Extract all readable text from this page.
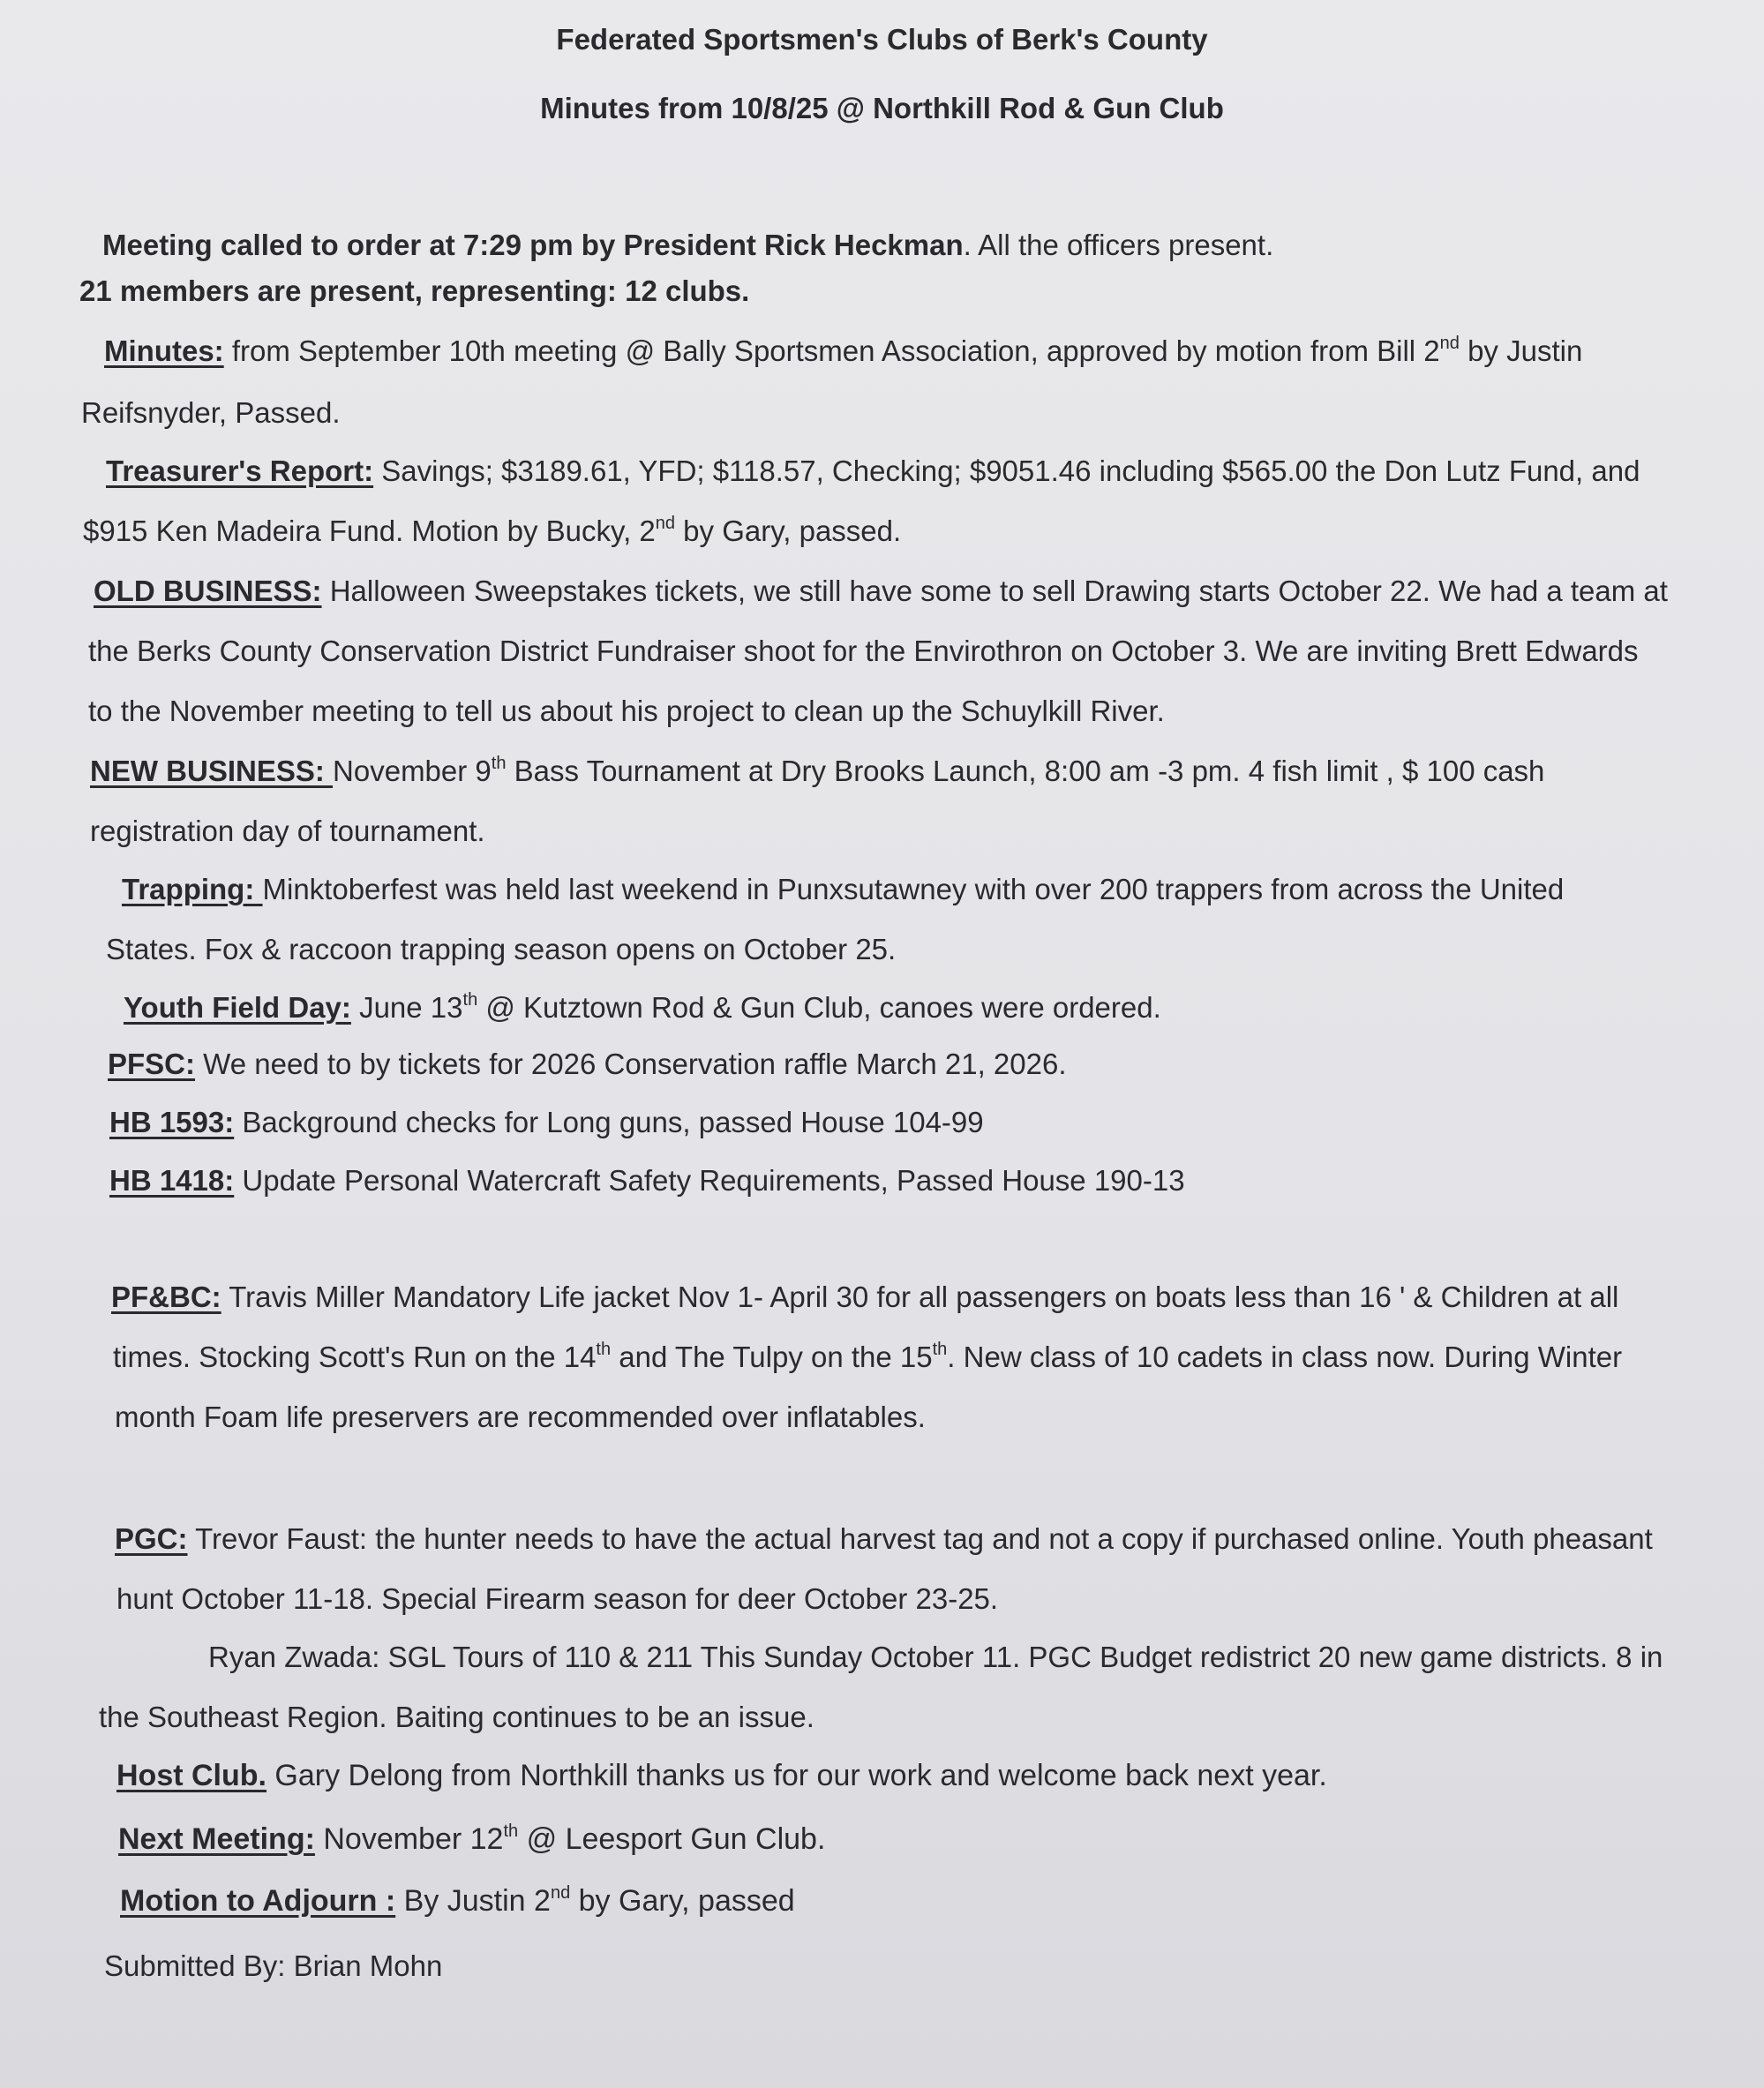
Federated Sportsmen's Clubs of Berk's County
Minutes from 10/8/25 @ Northkill Rod & Gun Club
Meeting called to order at 7:29 pm by President Rick Heckman. All the officers present.
21 members are present, representing: 12 clubs.
Minutes: from September 10th meeting @ Bally Sportsmen Association, approved by motion from Bill 2nd by Justin
Reifsnyder, Passed.
Treasurer's Report: Savings; $3189.61, YFD; $118.57, Checking; $9051.46 including $565.00 the Don Lutz Fund, and
$915 Ken Madeira Fund. Motion by Bucky, 2nd by Gary, passed.
OLD BUSINESS: Halloween Sweepstakes tickets, we still have some to sell Drawing starts October 22. We had a team at
the Berks County Conservation District Fundraiser shoot for the Envirothron on October 3. We are inviting Brett Edwards
to the November meeting to tell us about his project to clean up the Schuylkill River.
NEW BUSINESS: November 9th Bass Tournament at Dry Brooks Launch, 8:00 am -3 pm. 4 fish limit , $ 100 cash
registration day of tournament.
Trapping: Minktoberfest was held last weekend in Punxsutawney with over 200 trappers from across the United
States. Fox & raccoon trapping season opens on October 25.
Youth Field Day: June 13th @ Kutztown Rod & Gun Club, canoes were ordered.
PFSC: We need to by tickets for 2026 Conservation raffle March 21, 2026.
HB 1593: Background checks for Long guns, passed House 104-99
HB 1418: Update Personal Watercraft Safety Requirements, Passed House 190-13
PF&BC: Travis Miller Mandatory Life jacket Nov 1- April 30 for all passengers on boats less than 16 ' & Children at all
times. Stocking Scott's Run on the 14th and The Tulpy on the 15th. New class of 10 cadets in class now. During Winter
month Foam life preservers are recommended over inflatables.
PGC: Trevor Faust: the hunter needs to have the actual harvest tag and not a copy if purchased online. Youth pheasant
hunt October 11-18. Special Firearm season for deer October 23-25.
Ryan Zwada: SGL Tours of 110 & 211 This Sunday October 11. PGC Budget redistrict 20 new game districts. 8 in
the Southeast Region. Baiting continues to be an issue.
Host Club. Gary Delong from Northkill thanks us for our work and welcome back next year.
Next Meeting: November 12th @ Leesport Gun Club.
Motion to Adjourn : By Justin 2nd by Gary, passed
Submitted By: Brian Mohn
